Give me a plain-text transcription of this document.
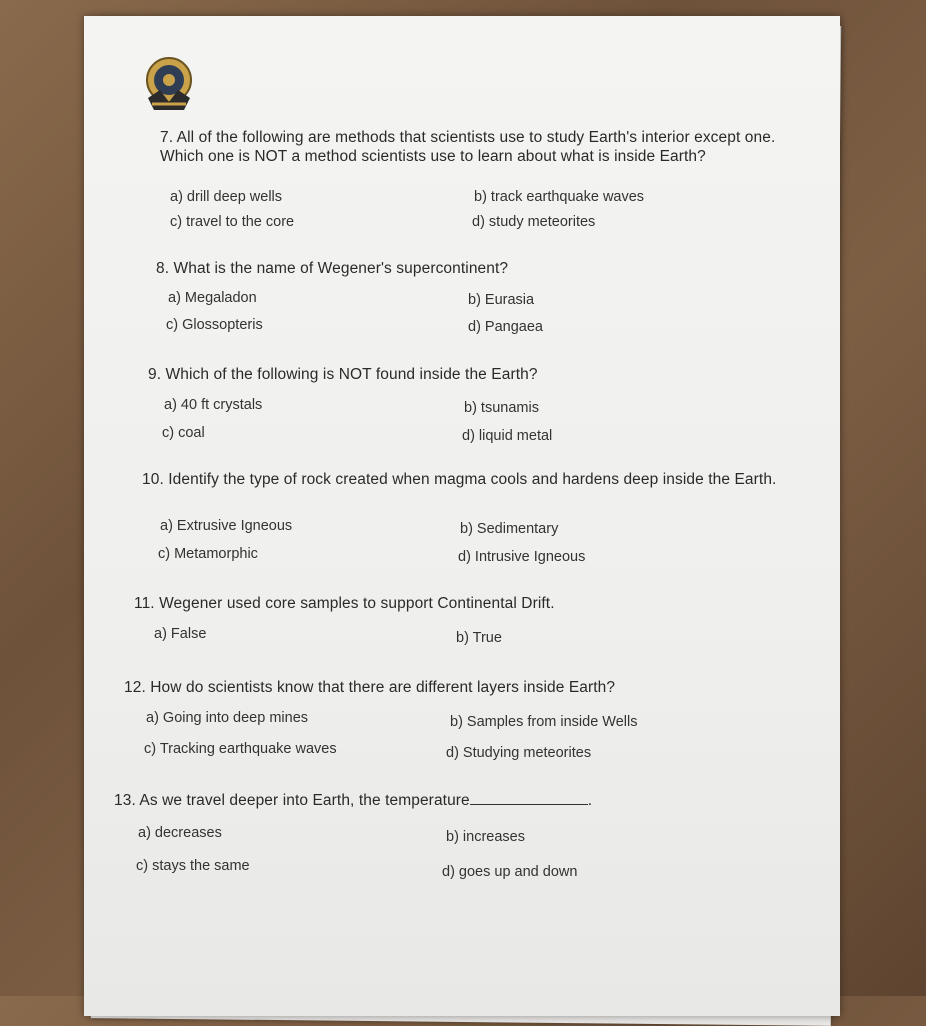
7. All of the following are methods that scientists use to study Earth's interior except one. Which one is NOT a method scientists use to learn about what is inside Earth?
a) drill deep wells	b) track earthquake waves
c) travel to the core	d) study meteorites
8. What is the name of Wegener's supercontinent?
a) Megaladon	b) Eurasia
c) Glossopteris	d) Pangaea
9. Which of the following is NOT found inside the Earth?
a) 40 ft crystals	b) tsunamis
c) coal	d) liquid metal
10. Identify the type of rock created when magma cools and hardens deep inside the Earth.
a) Extrusive Igneous	b) Sedimentary
c) Metamorphic	d) Intrusive Igneous
11. Wegener used core samples to support Continental Drift.
a) False	b) True
12. How do scientists know that there are different layers inside Earth?
a) Going into deep mines	b) Samples from inside Wells
c) Tracking earthquake waves	d) Studying meteorites
13. As we travel deeper into Earth, the temperature	.
a) decreases	b) increases
c) stays the same	d) goes up and down
